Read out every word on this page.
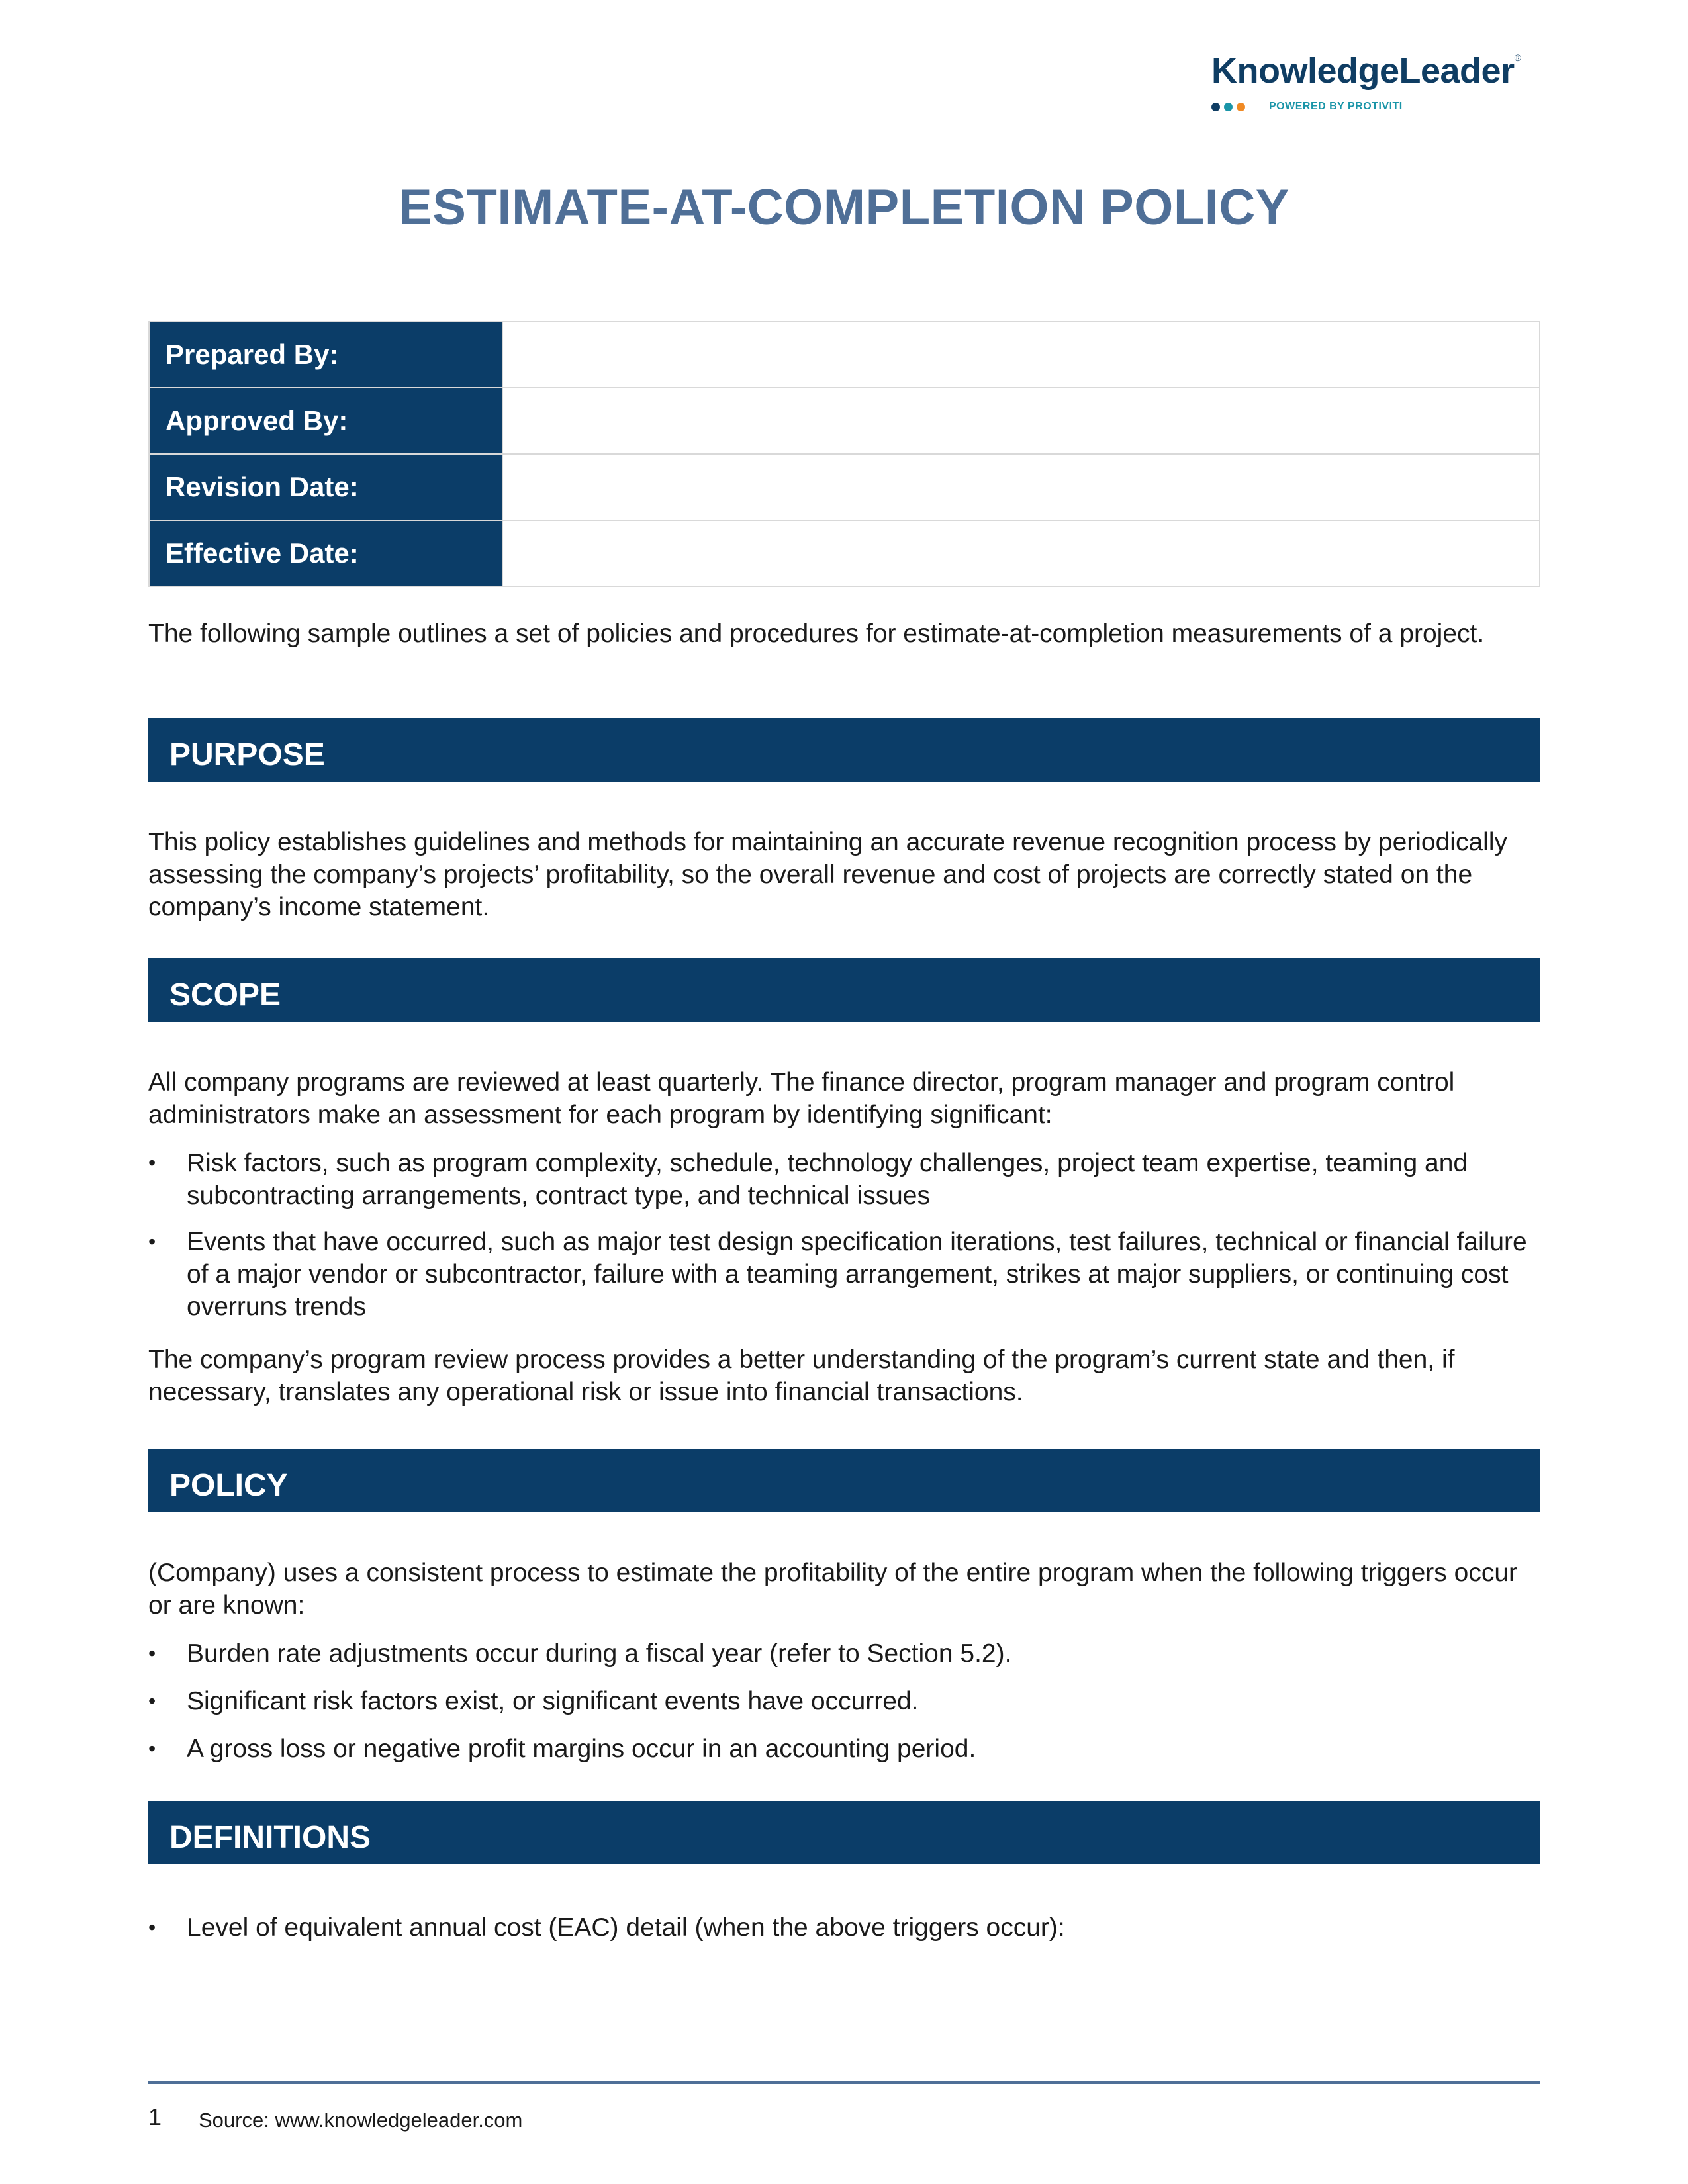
KnowledgeLeader®
POWERED BY PROTIVITI
ESTIMATE-AT-COMPLETION POLICY
Prepared By:	
Approved By:	
Revision Date:	
Effective Date:	
The following sample outlines a set of policies and procedures for estimate-at-completion measurements of a project.
PURPOSE
This policy establishes guidelines and methods for maintaining an accurate revenue recognition process by periodically assessing the company’s projects’ profitability, so the overall revenue and cost of projects are correctly stated on the company’s income statement.
SCOPE
All company programs are reviewed at least quarterly. The finance director, program manager and program control administrators make an assessment for each program by identifying significant:
• Risk factors, such as program complexity, schedule, technology challenges, project team expertise, teaming and subcontracting arrangements, contract type, and technical issues
• Events that have occurred, such as major test design specification iterations, test failures, technical or financial failure of a major vendor or subcontractor, failure with a teaming arrangement, strikes at major suppliers, or continuing cost overruns trends
The company’s program review process provides a better understanding of the program’s current state and then, if necessary, translates any operational risk or issue into financial transactions.
POLICY
(Company) uses a consistent process to estimate the profitability of the entire program when the following triggers occur or are known:
• Burden rate adjustments occur during a fiscal year (refer to Section 5.2).
• Significant risk factors exist, or significant events have occurred.
• A gross loss or negative profit margins occur in an accounting period.
DEFINITIONS
• Level of equivalent annual cost (EAC) detail (when the above triggers occur):
1 Source: www.knowledgeleader.com
